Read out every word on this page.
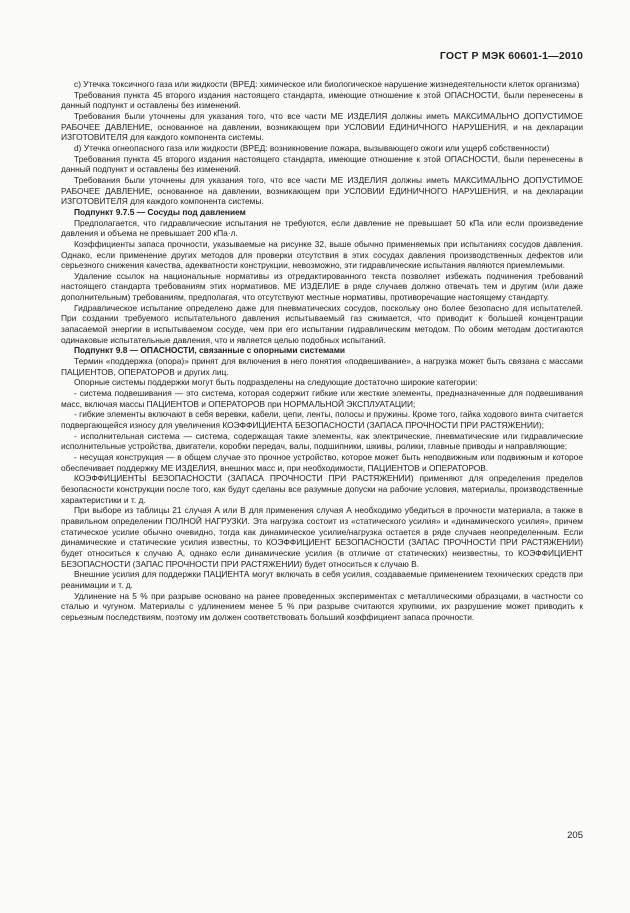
ГОСТ Р МЭК 60601-1—2010

с) Утечка токсичного газа или жидкости (ВРЕД: химическое или биологическое нарушение жизнедеятельности клеток организма)

Требования пункта 45 второго издания настоящего стандарта, имеющие отношение к этой ОПАСНОСТИ, были перенесены в данный подпункт и оставлены без изменений.

Требования были уточнены для указания того, что все части МЕ ИЗДЕЛИЯ должны иметь МАКСИМАЛЬНО ДОПУСТИМОЕ РАБОЧЕЕ ДАВЛЕНИЕ, основанное на давлении, возникающем при УСЛОВИИ ЕДИНИЧНОГО НАРУШЕНИЯ, и на декларации ИЗГОТОВИТЕЛЯ для каждого компонента системы.

d) Утечка огнеопасного газа или жидкости (ВРЕД: возникновение пожара, вызывающего ожоги или ущерб собственности)

Требования пункта 45 второго издания настоящего стандарта, имеющие отношение к этой ОПАСНОСТИ, были перенесены в данный подпункт и оставлены без изменений.

Требования были уточнены для указания того, что все части МЕ ИЗДЕЛИЯ должны иметь МАКСИМАЛЬНО ДОПУСТИМОЕ РАБОЧЕЕ ДАВЛЕНИЕ, основанное на давлении, возникающем при УСЛОВИИ ЕДИНИЧНОГО НАРУШЕНИЯ, и на декларации ИЗГОТОВИТЕЛЯ для каждого компонента системы.

Подпункт 9.7.5 — Сосуды под давлением

Предполагается, что гидравлические испытания не требуются, если давление не превышает 50 кПа или если произведение давления и объема не превышает 200 кПа·л.

Коэффициенты запаса прочности, указываемые на рисунке 32, выше обычно применяемых при испытаниях сосудов давления. Однако, если применение других методов для проверки отсутствия в этих сосудах давления производственных дефектов или серьезного снижения качества, адекватности конструкции, невозможно, эти гидравлические испытания являются приемлемыми.

Удаление ссылок на национальные нормативы из отредактированного текста позволяет избежать подчинения требований настоящего стандарта требованиям этих нормативов. МЕ ИЗДЕЛИЕ в ряде случаев должно отвечать тем и другим (или даже дополнительным) требованиям, предполагая, что отсутствуют местные нормативы, противоречащие настоящему стандарту.

Гидравлическое испытание определено даже для пневматических сосудов, поскольку оно более безопасно для испытателей. При создании требуемого испытательного давления испытываемый газ сжимается, что приводит к большей концентрации запасаемой энергии в испытываемом сосуде, чем при его испытании гидравлическим методом. По обоим методам достигаются одинаковые испытательные давления, что и является целью подобных испытаний.

Подпункт 9.8 — ОПАСНОСТИ, связанные с опорными системами

Термин «поддержка (опора)» принят для включения в него понятия «подвешивание», а нагрузка может быть связана с массами ПАЦИЕНТОВ, ОПЕРАТОРОВ и других лиц.

Опорные системы поддержки могут быть подразделены на следующие достаточно широкие категории:

- система подвешивания — это система, которая содержит гибкие или жесткие элементы, предназначенные для подвешивания масс, включая массы ПАЦИЕНТОВ и ОПЕРАТОРОВ при НОРМАЛЬНОЙ ЭКСПЛУАТАЦИИ;

- гибкие элементы включают в себя веревки, кабели, цепи, ленты, полосы и пружины. Кроме того, гайка ходового винта считается подвергающейся износу для увеличения КОЭФФИЦИЕНТА БЕЗОПАСНОСТИ (ЗАПАСА ПРОЧНОСТИ ПРИ РАСТЯЖЕНИИ);

- исполнительная система — система, содержащая такие элементы, как электрические, пневматические или гидравлические исполнительные устройства, двигатели, коробки передач, валы, подшипники, шкивы, ролики, главные приводы и направляющие;

- несущая конструкция — в общем случае это прочное устройство, которое может быть неподвижным или подвижным и которое обеспечивает поддержку МЕ ИЗДЕЛИЯ, внешних масс и, при необходимости, ПАЦИЕНТОВ и ОПЕРАТОРОВ.

КОЭФФИЦИЕНТЫ БЕЗОПАСНОСТИ (ЗАПАСА ПРОЧНОСТИ ПРИ РАСТЯЖЕНИИ) применяют для определения пределов безопасности конструкции после того, как будут сделаны все разумные допуски на рабочие условия, материалы, производственные характеристики и т. д.

При выборе из таблицы 21 случая А или В для применения случая А необходимо убедиться в прочности материала, а также в правильном определении ПОЛНОЙ НАГРУЗКИ. Эта нагрузка состоит из «статического усилия» и «динамического усилия», причем статическое усилие обычно очевидно, тогда как динамическое усилие/нагрузка остается в ряде случаев неопределенным. Если динамические и статические усилия известны, то КОЭФФИЦИЕНТ БЕЗОПАСНОСТИ (ЗАПАС ПРОЧНОСТИ ПРИ РАСТЯЖЕНИИ) будет относиться к случаю А, однако если динамические усилия (в отличие от статических) неизвестны, то КОЭФФИЦИЕНТ БЕЗОПАСНОСТИ (ЗАПАС ПРОЧНОСТИ ПРИ РАСТЯЖЕНИИ) будет относиться к случаю В.

Внешние усилия для поддержки ПАЦИЕНТА могут включать в себя усилия, создаваемые применением технических средств при реанимации и т. д.

Удлинение на 5 % при разрыве основано на ранее проведенных экспериментах с металлическими образцами, в частности со сталью и чугуном. Материалы с удлинением менее 5 % при разрыве считаются хрупкими, их разрушение может приводить к серьезным последствиям, поэтому им должен соответствовать больший коэффициент запаса прочности.

205
